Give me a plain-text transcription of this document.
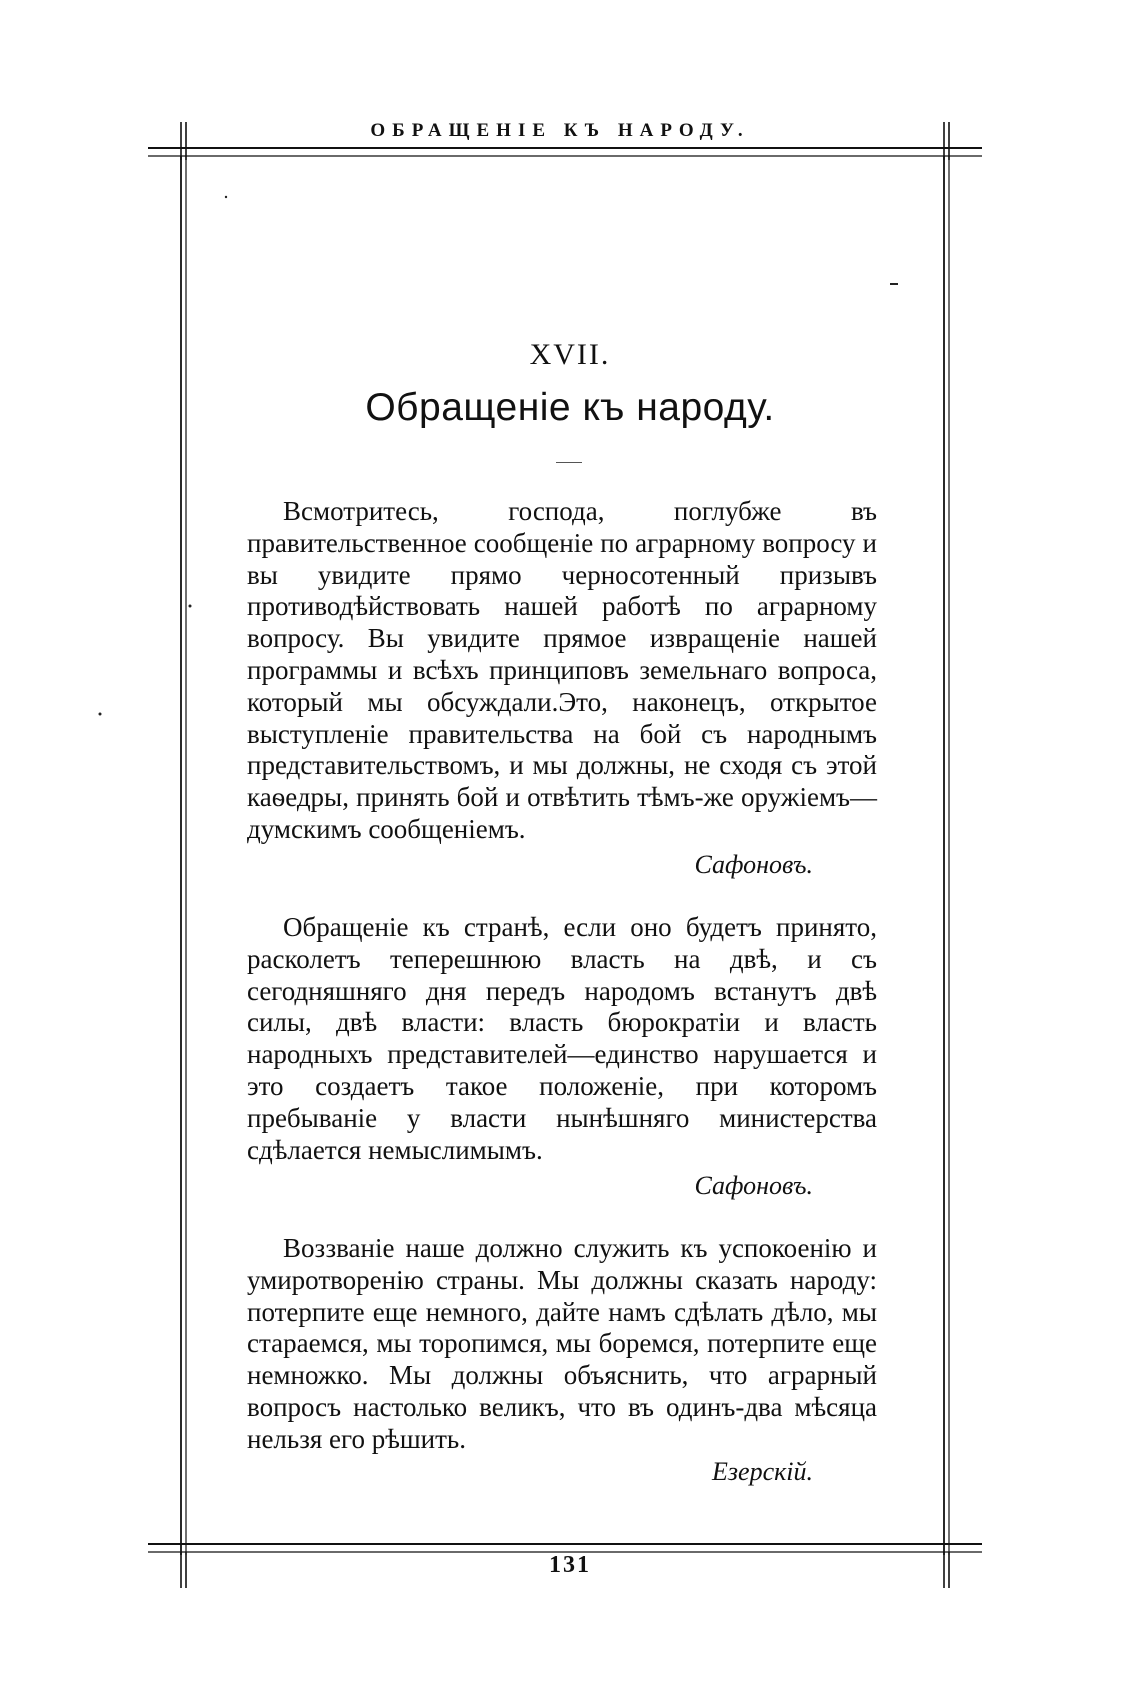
ОБРАЩЕНІЕ КЪ НАРОДУ.
XVII.
Обращеніе къ народу.

Всмотритесь, господа, поглубже въ правительственное сообщеніе по аграрному вопросу и вы увидите прямо черносотенный призывъ противодѣйствовать нашей работѣ по аграрному вопросу. Вы увидите прямое извращеніе нашей программы и всѣхъ принциповъ земельнаго вопроса, который мы обсуждали.Это, наконецъ, открытое выступленіе правительства на бой съ народнымъ представительствомъ, и мы должны, не сходя съ этой каѳедры, принять бой и отвѣтить тѣмъ-же оружіемъ— думскимъ сообщеніемъ.

Сафоновъ.

Обращеніе къ странѣ, если оно будетъ принято, расколетъ теперешнюю власть на двѣ, и съ сегодняшняго дня передъ народомъ встанутъ двѣ силы, двѣ власти: власть бюрократіи и власть народныхъ представителей—единство нарушается и это создаетъ такое положеніе, при которомъ пребываніе у власти нынѣшняго министерства сдѣлается немыслимымъ.

Сафоновъ.

Воззваніе наше должно служить къ успокоенію и умиротворенію страны. Мы должны сказать народу: потерпите еще немного, дайте намъ сдѣлать дѣло, мы стараемся, мы торопимся, мы боремся, потерпите еще немножко. Мы должны объяснить, что аграрный вопросъ настолько великъ, что въ одинъ-два мѣсяца нельзя его рѣшить.

Езерскій.
131
